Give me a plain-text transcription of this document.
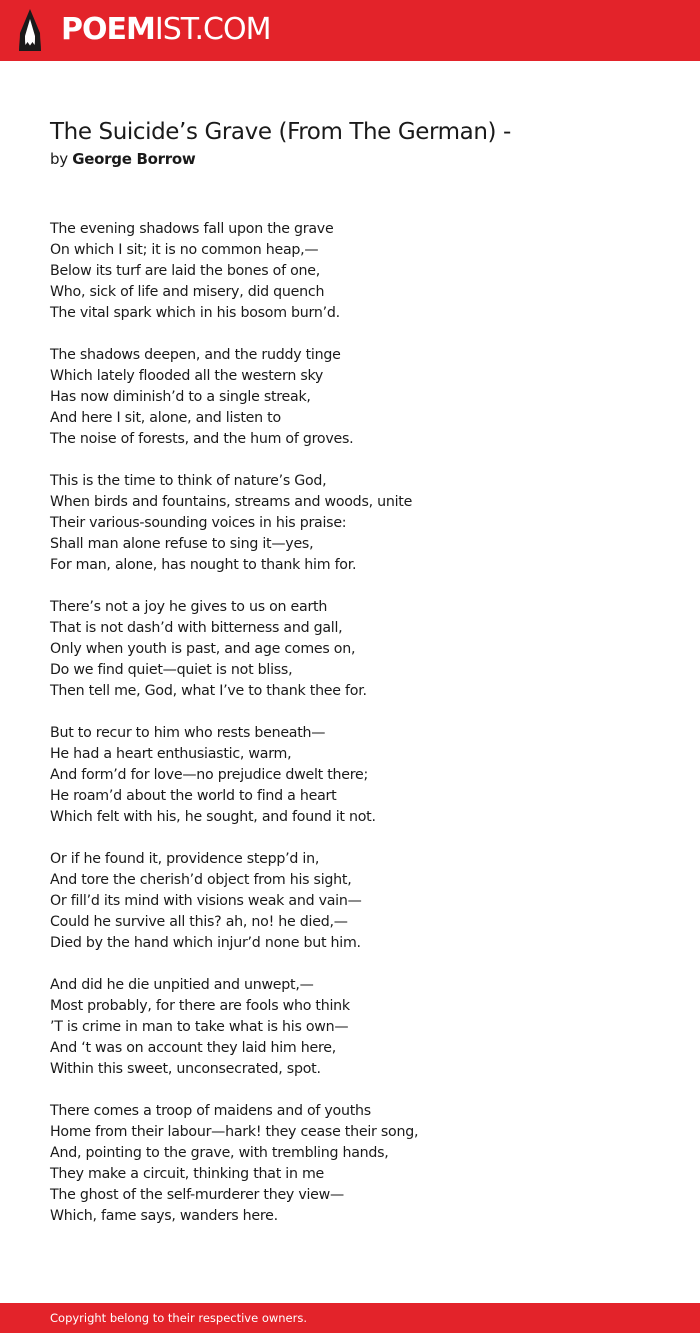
POEMIST.COM
The Suicide’s Grave (From The German) -
by George Borrow
The evening shadows fall upon the grave
On which I sit; it is no common heap,—
Below its turf are laid the bones of one,
Who, sick of life and misery, did quench
The vital spark which in his bosom burn’d.
The shadows deepen, and the ruddy tinge
Which lately flooded all the western sky
Has now diminish’d to a single streak,
And here I sit, alone, and listen to
The noise of forests, and the hum of groves.
This is the time to think of nature’s God,
When birds and fountains, streams and woods, unite
Their various-sounding voices in his praise:
Shall man alone refuse to sing it—yes,
For man, alone, has nought to thank him for.
There’s not a joy he gives to us on earth
That is not dash’d with bitterness and gall,
Only when youth is past, and age comes on,
Do we find quiet—quiet is not bliss,
Then tell me, God, what I’ve to thank thee for.
But to recur to him who rests beneath—
He had a heart enthusiastic, warm,
And form’d for love—no prejudice dwelt there;
He roam’d about the world to find a heart
Which felt with his, he sought, and found it not.
Or if he found it, providence stepp’d in,
And tore the cherish’d object from his sight,
Or fill’d its mind with visions weak and vain—
Could he survive all this? ah, no! he died,—
Died by the hand which injur’d none but him.
And did he die unpitied and unwept,—
Most probably, for there are fools who think
’T is crime in man to take what is his own—
And ‘t was on account they laid him here,
Within this sweet, unconsecrated, spot.
There comes a troop of maidens and of youths
Home from their labour—hark! they cease their song,
And, pointing to the grave, with trembling hands,
They make a circuit, thinking that in me
The ghost of the self-murderer they view—
Which, fame says, wanders here.
Copyright belong to their respective owners.
